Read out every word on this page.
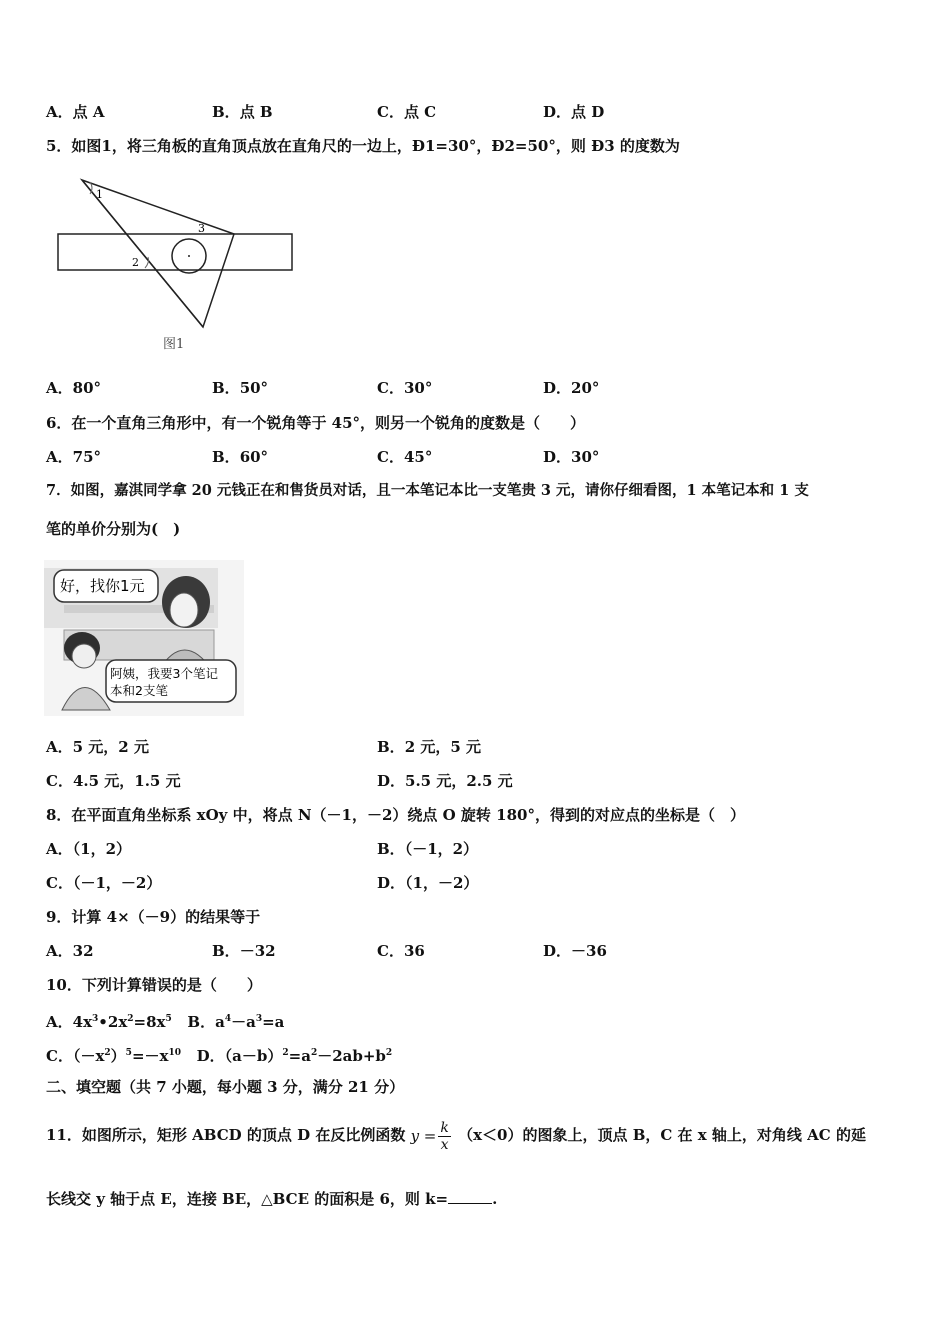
A．点 A	B．点 B	C．点 C	D．点 D
5．如图1，将三角板的直角顶点放在直角尺的一边上，Ð1=30°，Ð2=50°，则 Ð3 的度数为
1
2
3
图1
A．80°	B．50°	C．30°	D．20°
6．在一个直角三角形中，有一个锐角等于 45°，则另一个锐角的度数是（　　）
A．75°	B．60°	C．45°	D．30°
7．如图，嘉淇同学拿 20 元钱正在和售货员对话，且一本笔记本比一支笔贵 3 元，请你仔细看图，1 本笔记本和 1 支
笔的单价分别为(　)
好，找你1元
阿姨，我要3个笔记
本和2支笔
A．5 元，2 元	B．2 元，5 元
C．4.5 元，1.5 元	D．5.5 元，2.5 元
8．在平面直角坐标系 xOy 中，将点 N（－1，－2）绕点 O 旋转 180°，得到的对应点的坐标是（　）
A．（1，2）	B．（－1，2）
C．（－1，－2）	D．（1，－2）
9．计算 4×（－9）的结果等于
A．32	B．－32	C．36	D．－36
10．下列计算错误的是（　　）
A．$4x^3•2x^2=8x^5$ B．$a^4-a^3=a$
C．$(-x^2)^5=-x^{10}$ D．$(a-b)^2=a^2-2ab+b^2$
二、填空题（共 7 小题，每小题 3 分，满分 21 分）
11．如图所示，矩形 ABCD 的顶点 D 在反比例函数 $y = \frac{k}{x} (x<0)$的图象上，顶点 B，C 在 x 轴上，对角线 AC 的延
长线交 y 轴于点 E，连接 BE，△BCE 的面积是 6，则 k=	.
